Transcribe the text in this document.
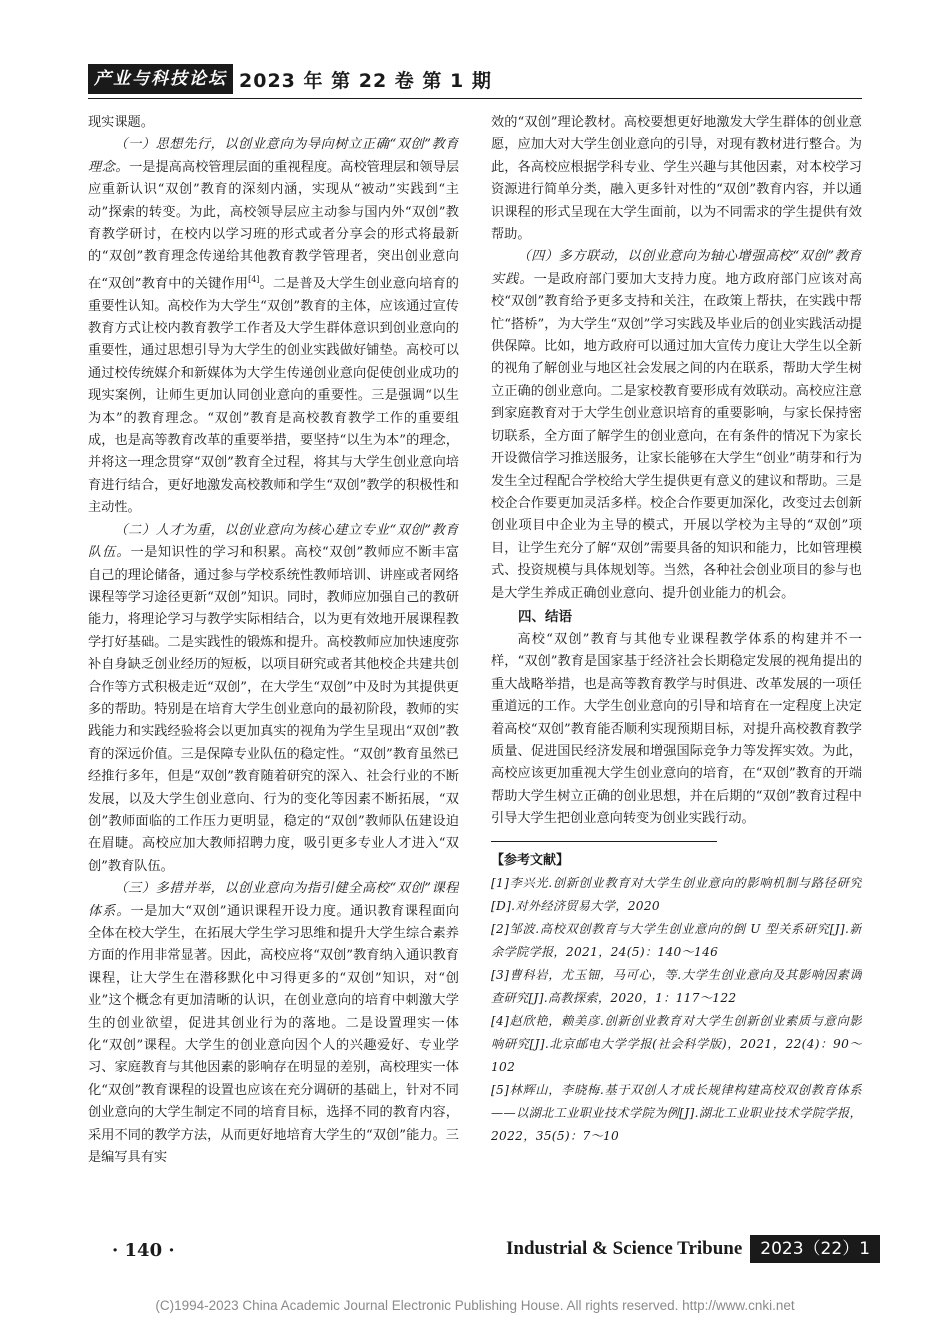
产业与科技论坛 2023 年 第 22 卷 第 1 期

现实课题。

（一）思想先行，以创业意向为导向树立正确“双创”教育理念。一是提高高校管理层面的重视程度。高校管理层和领导层应重新认识“双创”教育的深刻内涵，实现从“被动”实践到“主动”探索的转变。为此，高校领导层应主动参与国内外“双创”教育教学研讨，在校内以学习班的形式或者分享会的形式将最新的“双创”教育理念传递给其他教育教学管理者，突出创业意向在“双创”教育中的关键作用[4]。二是普及大学生创业意向培育的重要性认知。高校作为大学生“双创”教育的主体，应该通过宣传教育方式让校内教育教学工作者及大学生群体意识到创业意向的重要性，通过思想引导为大学生的创业实践做好铺垫。高校可以通过校传统媒介和新媒体为大学生传递创业意向促使创业成功的现实案例，让师生更加认同创业意向的重要性。三是强调“以生为本”的教育理念。“双创”教育是高校教育教学工作的重要组成，也是高等教育改革的重要举措，要坚持“以生为本”的理念，并将这一理念贯穿“双创”教育全过程，将其与大学生创业意向培育进行结合，更好地激发高校教师和学生“双创”教学的积极性和主动性。

（二）人才为重，以创业意向为核心建立专业“双创”教育队伍。一是知识性的学习和积累。高校“双创”教师应不断丰富自己的理论储备，通过参与学校系统性教师培训、讲座或者网络课程等学习途径更新“双创”知识。同时，教师应加强自己的教研能力，将理论学习与教学实际相结合，以为更有效地开展课程教学打好基础。二是实践性的锻炼和提升。高校教师应加快速度弥补自身缺乏创业经历的短板，以项目研究或者其他校企共建共创合作等方式积极走近“双创”，在大学生“双创”中及时为其提供更多的帮助。特别是在培育大学生创业意向的最初阶段，教师的实践能力和实践经验将会以更加真实的视角为学生呈现出“双创”教育的深远价值。三是保障专业队伍的稳定性。“双创”教育虽然已经推行多年，但是“双创”教育随着研究的深入、社会行业的不断发展，以及大学生创业意向、行为的变化等因素不断拓展，“双创”教师面临的工作压力更明显，稳定的“双创”教师队伍建设迫在眉睫。高校应加大教师招聘力度，吸引更多专业人才进入“双创”教育队伍。

（三）多措并举，以创业意向为指引健全高校“双创”课程体系。一是加大“双创”通识课程开设力度。通识教育课程面向全体在校大学生，在拓展大学生学习思维和提升大学生综合素养方面的作用非常显著。因此，高校应将“双创”教育纳入通识教育课程，让大学生在潜移默化中习得更多的“双创”知识，对“创业”这个概念有更加清晰的认识，在创业意向的培育中刺激大学生的创业欲望，促进其创业行为的落地。二是设置理实一体化“双创”课程。大学生的创业意向因个人的兴趣爱好、专业学习、家庭教育与其他因素的影响存在明显的差别，高校理实一体化“双创”教育课程的设置也应该在充分调研的基础上，针对不同创业意向的大学生制定不同的培育目标，选择不同的教育内容，采用不同的教学方法，从而更好地培育大学生的“双创”能力。三是编写具有实

效的“双创”理论教材。高校要想更好地激发大学生群体的创业意愿，应加大对大学生创业意向的引导，对现有教材进行整合。为此，各高校应根据学科专业、学生兴趣与其他因素，对本校学习资源进行简单分类，融入更多针对性的“双创”教育内容，并以通识课程的形式呈现在大学生面前，以为不同需求的学生提供有效帮助。

（四）多方联动，以创业意向为轴心增强高校“双创”教育实践。一是政府部门要加大支持力度。地方政府部门应该对高校“双创”教育给予更多支持和关注，在政策上帮扶，在实践中帮忙“搭桥”，为大学生“双创”学习实践及毕业后的创业实践活动提供保障。比如，地方政府可以通过加大宣传力度让大学生以全新的视角了解创业与地区社会发展之间的内在联系，帮助大学生树立正确的创业意向。二是家校教育要形成有效联动。高校应注意到家庭教育对于大学生创业意识培育的重要影响，与家长保持密切联系，全方面了解学生的创业意向，在有条件的情况下为家长开设微信学习推送服务，让家长能够在大学生“创业”萌芽和行为发生全过程配合学校给大学生提供更有意义的建议和帮助。三是校企合作要更加灵活多样。校企合作要更加深化，改变过去创新创业项目中企业为主导的模式，开展以学校为主导的“双创”项目，让学生充分了解“双创”需要具备的知识和能力，比如管理模式、投资规模与具体规划等。当然，各种社会创业项目的参与也是大学生养成正确创业意向、提升创业能力的机会。

四、结语

高校“双创”教育与其他专业课程教学体系的构建并不一样，“双创”教育是国家基于经济社会长期稳定发展的视角提出的重大战略举措，也是高等教育教学与时俱进、改革发展的一项任重道远的工作。大学生创业意向的引导和培育在一定程度上决定着高校“双创”教育能否顺利实现预期目标，对提升高校教育教学质量、促进国民经济发展和增强国际竞争力等发挥实效。为此，高校应该更加重视大学生创业意向的培育，在“双创”教育的开端帮助大学生树立正确的创业思想，并在后期的“双创”教育过程中引导大学生把创业意向转变为创业实践行动。

【参考文献】
[1]李兴光.创新创业教育对大学生创业意向的影响机制与路径研究[D].对外经济贸易大学，2020
[2]邹波.高校双创教育与大学生创业意向的倒 U 型关系研究[J].新余学院学报，2021，24(5)：140～146
[3]曹科岩，尤玉钿，马可心，等.大学生创业意向及其影响因素调查研究[J].高教探索，2020，1：117～122
[4]赵欣艳，赖美彦.创新创业教育对大学生创新创业素质与意向影响研究[J].北京邮电大学学报(社会科学版)，2021，22(4)：90～102
[5]林辉山，李晓梅.基于双创人才成长规律构建高校双创教育体系——以湖北工业职业技术学院为例[J].湖北工业职业技术学院学报，2022，35(5)：7～10
· 140 ·	Industrial & Science Tribune	2023（22）1
(C)1994-2023 China Academic Journal Electronic Publishing House. All rights reserved. http://www.cnki.net
